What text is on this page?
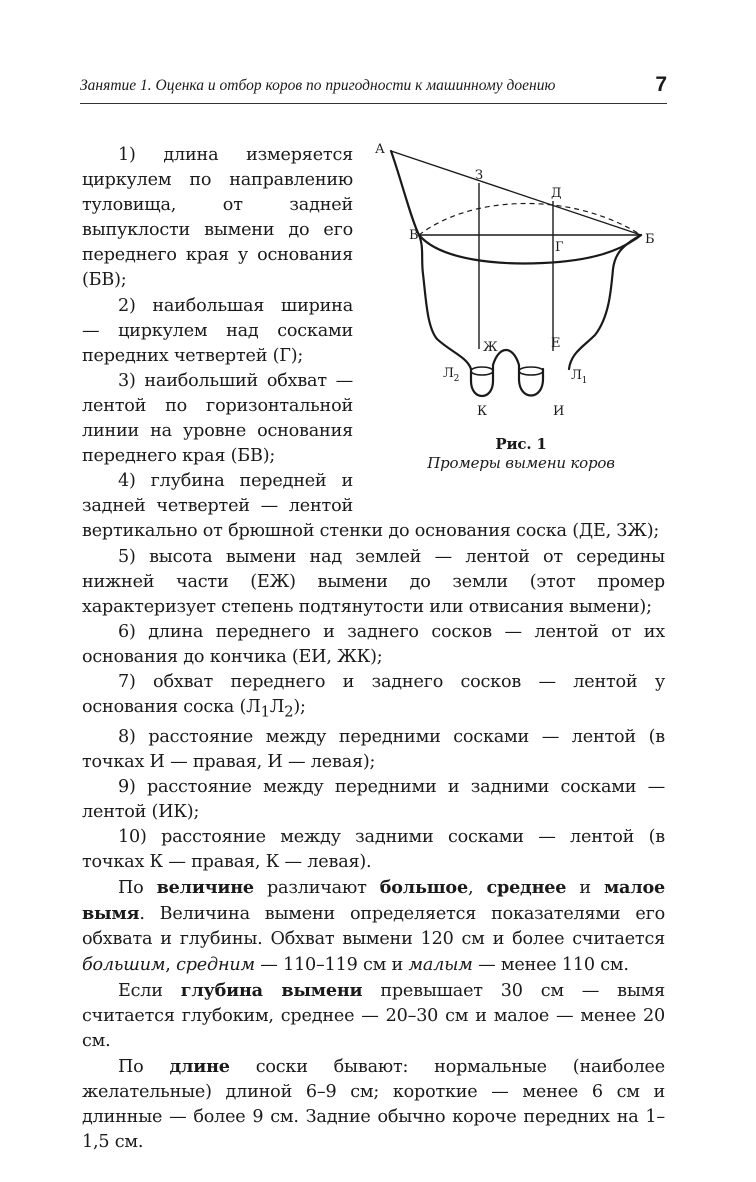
Занятие 1. Оценка и отбор коров по пригодности к машинному доению	7
А
З
Д
В
Г
Б
Ж	Е
$Л_2$	$Л_1$
К	И
Рис. 1
Промеры вымени коров

1) длина измеряется циркулем по направлению туловища, от задней выпуклости вымени до его переднего края у основания (БВ);

2) наибольшая ширина — циркулем над сосками передних четвертей (Г);

3) наибольший обхват — лентой по горизонтальной линии на уровне основания переднего края (БВ);

4) глубина передней и задней четвертей — лентой вертикально от брюшной стенки до основания соска (ДЕ, ЗЖ);

5) высота вымени над землей — лентой от середины нижней части (ЕЖ) вымени до земли (этот промер характеризует степень подтянутости или отвисания вымени);

6) длина переднего и заднего сосков — лентой от их основания до кончика (ЕИ, ЖК);

7) обхват переднего и заднего сосков — лентой у основания соска $(Л_1Л_2)$;

8) расстояние между передними сосками — лентой (в точках И — правая, И — левая);

9) расстояние между передними и задними сосками — лентой (ИК);

10) расстояние между задними сосками — лентой (в точках К — правая, К — левая).

По величине различают большое, среднее и малое вымя. Величина вымени определяется показателями его обхвата и глубины. Обхват вымени 120 см и более считается большим, средним — 110–119 см и малым — менее 110 см.

Если глубина вымени превышает 30 см — вымя считается глубоким, среднее — 20–30 см и малое — менее 20 см.

По длине соски бывают: нормальные (наиболее желательные) длиной 6–9 см; короткие — менее 6 см и длинные — более 9 см. Задние обычно короче передних на 1–1,5 см.
